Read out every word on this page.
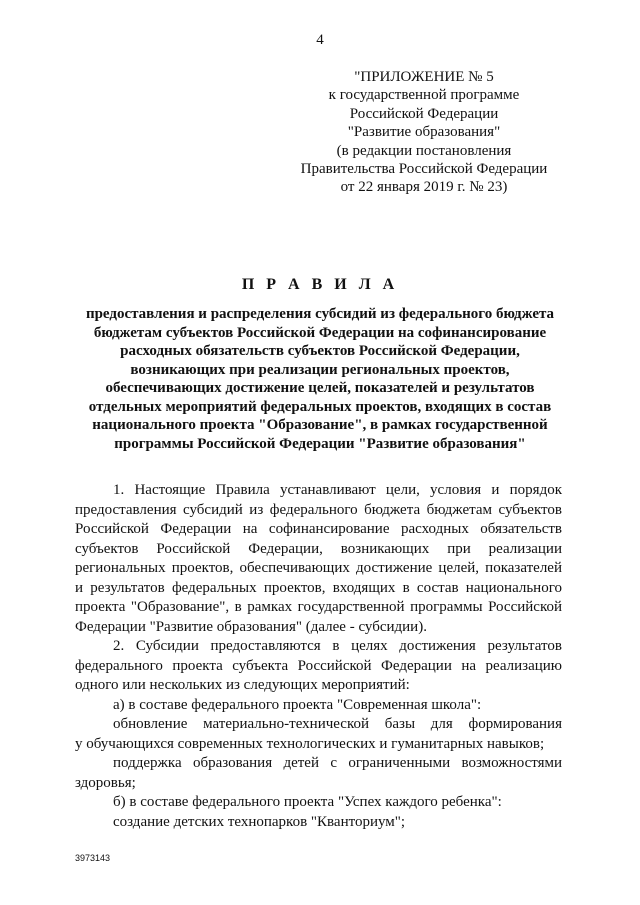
4
"ПРИЛОЖЕНИЕ № 5
к государственной программе
Российской Федерации
"Развитие образования"
(в редакции постановления
Правительства Российской Федерации
от 22 января 2019 г. № 23)
П Р А В И Л А
предоставления и распределения субсидий из федерального бюджета
бюджетам субъектов Российской Федерации на софинансирование
расходных обязательств субъектов Российской Федерации,
возникающих при реализации региональных проектов,
обеспечивающих достижение целей, показателей и результатов
отдельных мероприятий федеральных проектов, входящих в состав
национального проекта "Образование", в рамках государственной
программы Российской Федерации "Развитие образования"
1. Настоящие Правила устанавливают цели, условия и порядок
предоставления субсидий из федерального бюджета бюджетам субъектов
Российской Федерации на софинансирование расходных обязательств
субъектов Российской Федерации, возникающих при реализации
региональных проектов, обеспечивающих достижение целей, показателей
и результатов федеральных проектов, входящих в состав национального
проекта "Образование", в рамках государственной программы Российской
Федерации "Развитие образования" (далее - субсидии).
2. Субсидии предоставляются в целях достижения результатов
федерального проекта субъекта Российской Федерации на реализацию
одного или нескольких из следующих мероприятий:
а) в составе федерального проекта "Современная школа":
обновление материально-технической базы для формирования
у обучающихся современных технологических и гуманитарных навыков;
поддержка образования детей с ограниченными возможностями
здоровья;
б) в составе федерального проекта "Успех каждого ребенка":
создание детских технопарков "Кванториум";
3973143
